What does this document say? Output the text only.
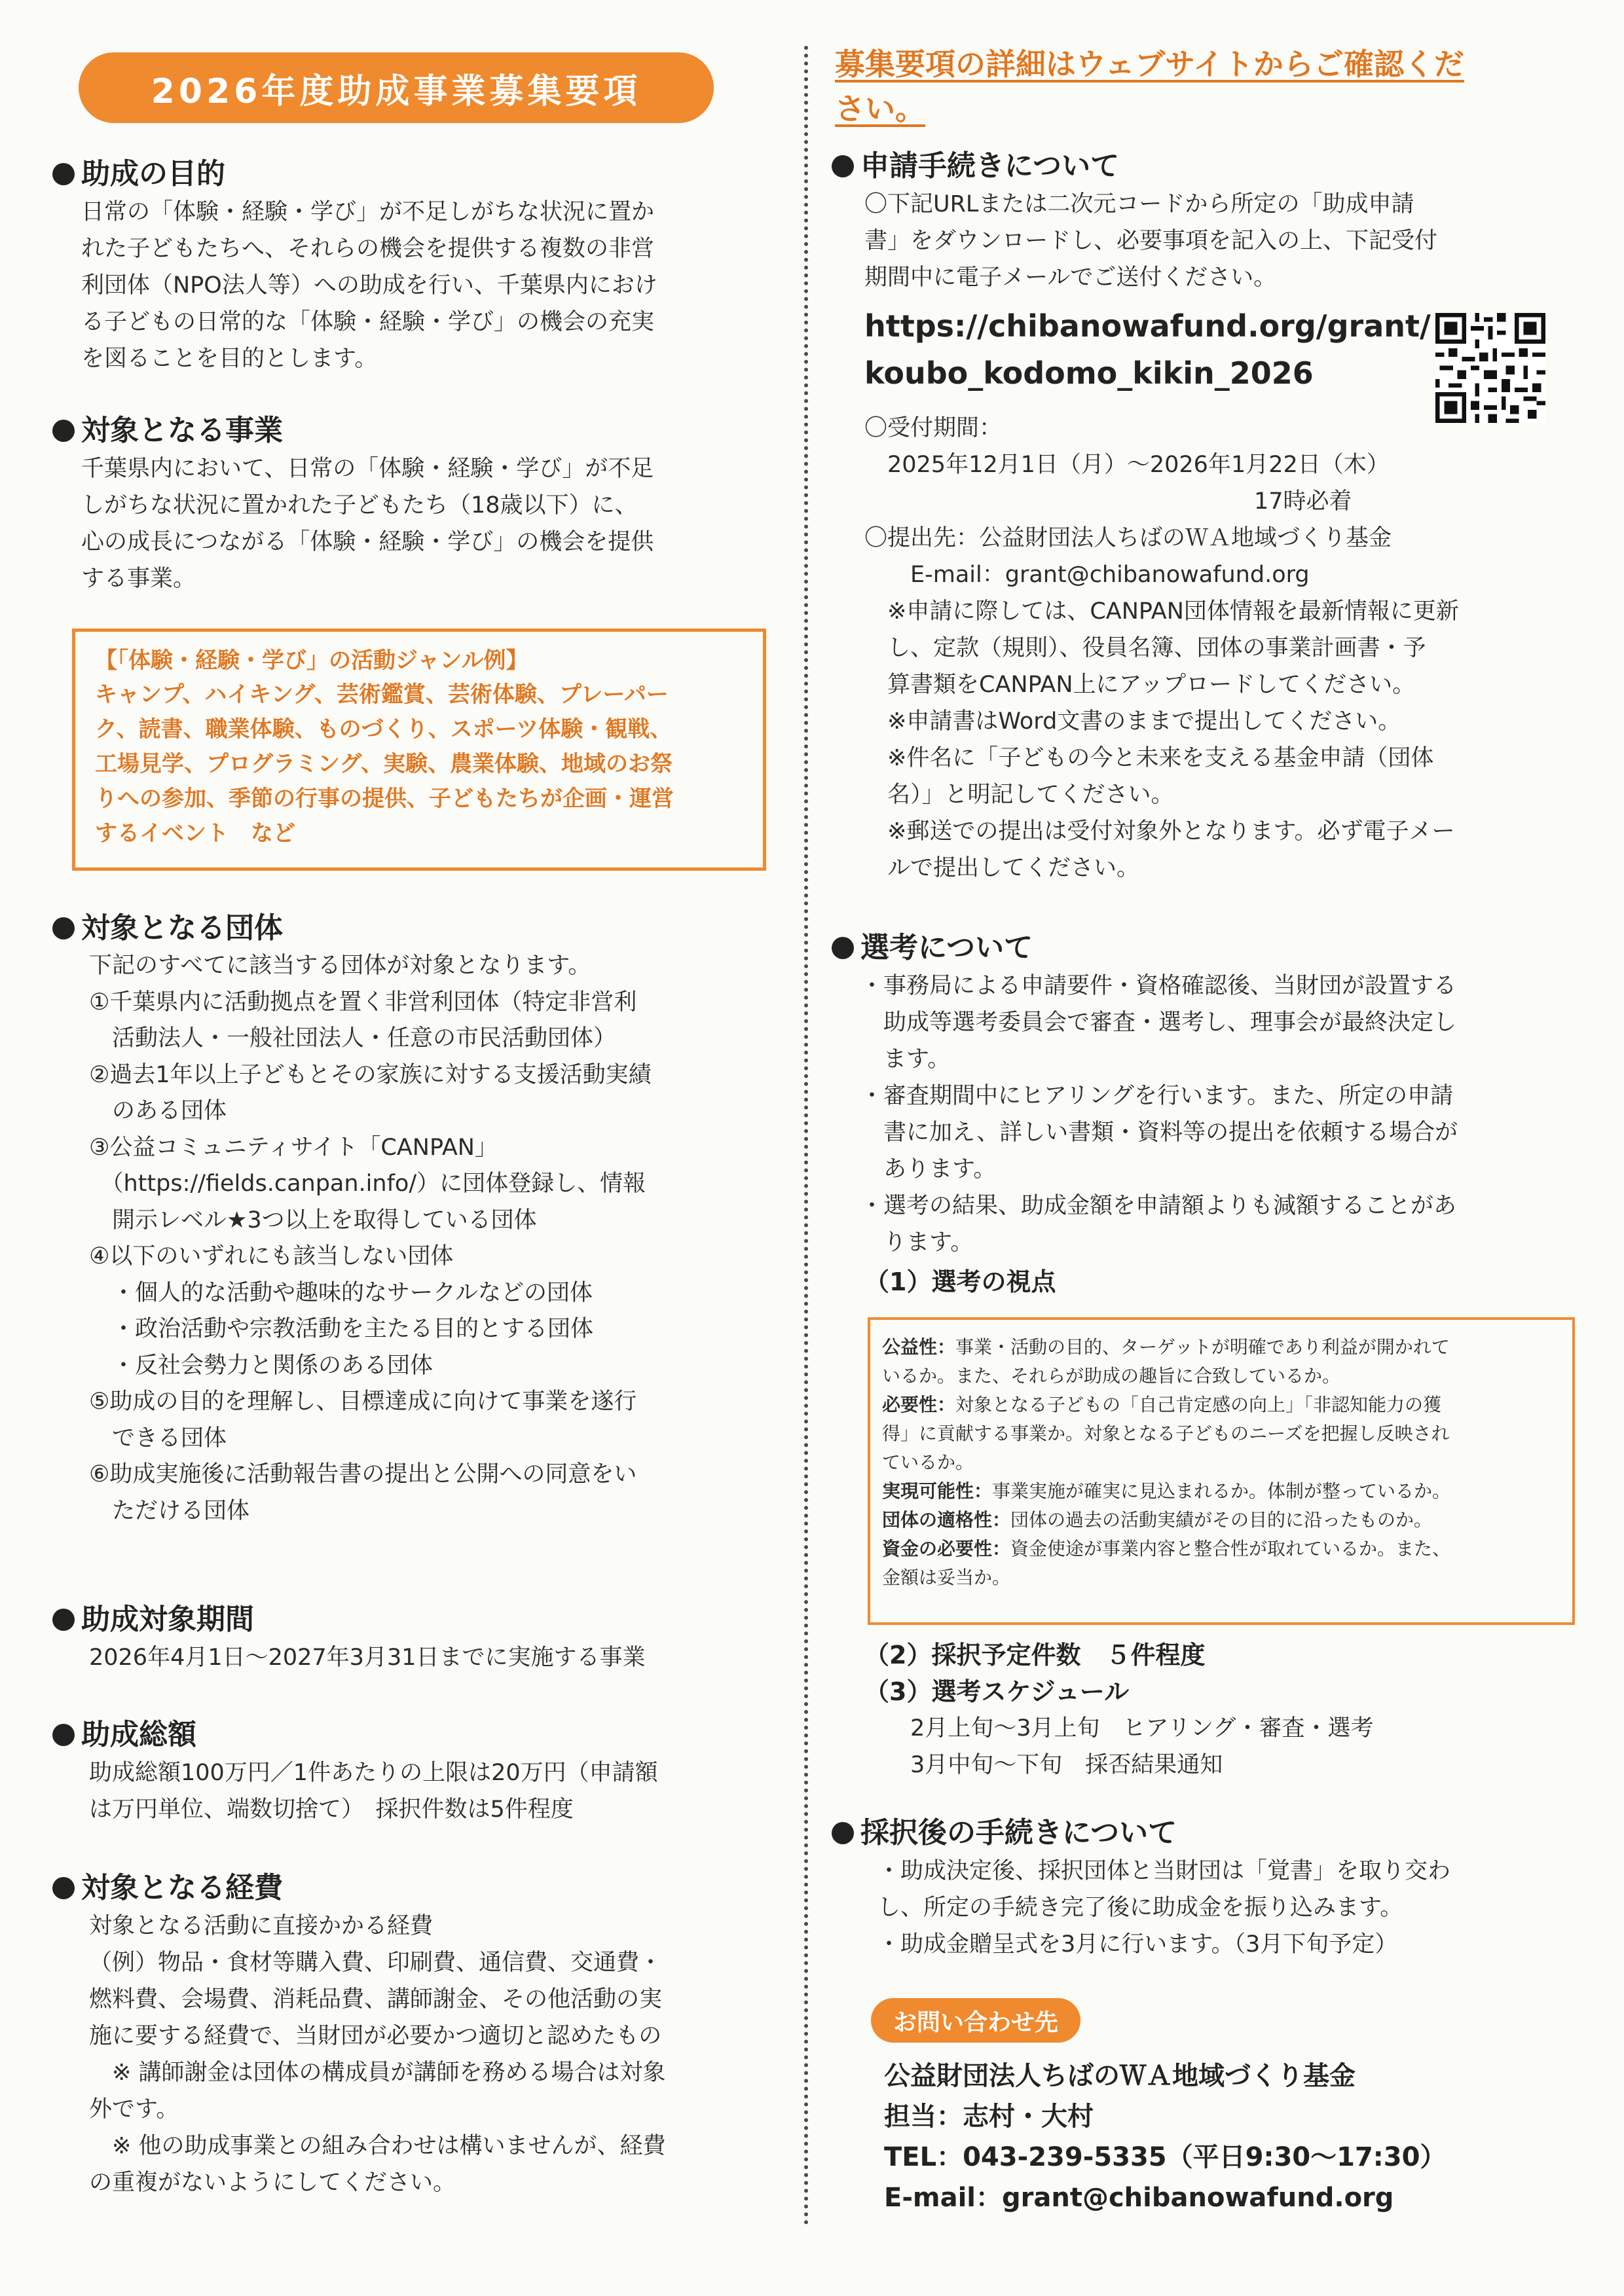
2026年度助成事業募集要項
助成の目的
日常の「体験・経験・学び」が不足しがちな状況に置か
れた子どもたちへ、それらの機会を提供する複数の非営
利団体（NPO法人等）への助成を行い、千葉県内におけ
る子どもの日常的な「体験・経験・学び」の機会の充実
を図ることを目的とします。
対象となる事業
千葉県内において、日常の「体験・経験・学び」が不足
しがちな状況に置かれた子どもたち（18歳以下）に、
心の成長につながる「体験・経験・学び」の機会を提供
する事業。
【「体験・経験・学び」の活動ジャンル例】
キャンプ、ハイキング、芸術鑑賞、芸術体験、プレーパー
ク、読書、職業体験、ものづくり、スポーツ体験・観戦、
工場見学、プログラミング、実験、農業体験、地域のお祭
りへの参加、季節の行事の提供、子どもたちが企画・運営
するイベント　など
対象となる団体
下記のすべてに該当する団体が対象となります。
①千葉県内に活動拠点を置く非営利団体（特定非営利
　活動法人・一般社団法人・任意の市民活動団体）
②過去1年以上子どもとその家族に対する支援活動実績
　のある団体
③公益コミュニティサイト「CANPAN」
　（https://fields.canpan.info/）に団体登録し、情報
　開示レベル★3つ以上を取得している団体
④以下のいずれにも該当しない団体
　・個人的な活動や趣味的なサークルなどの団体
　・政治活動や宗教活動を主たる目的とする団体
　・反社会勢力と関係のある団体
⑤助成の目的を理解し、目標達成に向けて事業を遂行
　できる団体
⑥助成実施後に活動報告書の提出と公開への同意をい
　ただける団体
助成対象期間
2026年4月1日〜2027年3月31日までに実施する事業
助成総額
助成総額100万円／1件あたりの上限は20万円（申請額
は万円単位、端数切捨て）　採択件数は5件程度
対象となる経費
対象となる活動に直接かかる経費
（例）物品・食材等購入費、印刷費、通信費、交通費・
燃料費、会場費、消耗品費、講師謝金、その他活動の実
施に要する経費で、当財団が必要かつ適切と認めたもの
　※ 講師謝金は団体の構成員が講師を務める場合は対象
外です。
　※ 他の助成事業との組み合わせは構いませんが、経費
の重複がないようにしてください。
募集要項の詳細はウェブサイトからご確認くだ
さい。
申請手続きについて
〇下記URLまたは二次元コードから所定の「助成申請
書」をダウンロードし、必要事項を記入の上、下記受付
期間中に電子メールでご送付ください。
https://chibanowafund.org/grant/
koubo_kodomo_kikin_2026
〇受付期間：
　2025年12月1日（月）〜2026年1月22日（木）
　　　　　　　　　　　　　　　　　17時必着
〇提出先：公益財団法人ちばのＷＡ地域づくり基金
　　E-mail：grant@chibanowafund.org
　※申請に際しては、CANPAN団体情報を最新情報に更新
　し、定款（規則）、役員名簿、団体の事業計画書・予
　算書類をCANPAN上にアップロードしてください。
　※申請書はWord文書のままで提出してください。
　※件名に「子どもの今と未来を支える基金申請（団体
　名）」と明記してください。
　※郵送での提出は受付対象外となります。必ず電子メー
　ルで提出してください。
選考について
・事務局による申請要件・資格確認後、当財団が設置する
　助成等選考委員会で審査・選考し、理事会が最終決定し
　ます。
・審査期間中にヒアリングを行います。また、所定の申請
　書に加え、詳しい書類・資料等の提出を依頼する場合が
　あります。
・選考の結果、助成金額を申請額よりも減額することがあ
　ります。
（1）選考の視点
公益性：事業・活動の目的、ターゲットが明確であり利益が開かれて
いるか。また、それらが助成の趣旨に合致しているか。
必要性：対象となる子どもの「自己肯定感の向上」「非認知能力の獲
得」に貢献する事業か。対象となる子どものニーズを把握し反映され
ているか。
実現可能性：事業実施が確実に見込まれるか。体制が整っているか。
団体の適格性：団体の過去の活動実績がその目的に沿ったものか。
資金の必要性：資金使途が事業内容と整合性が取れているか。また、
金額は妥当か。
（2）採択予定件数　５件程度
（3）選考スケジュール
　　2月上旬〜3月上旬　ヒアリング・審査・選考
　　3月中旬〜下旬　採否結果通知
採択後の手続きについて
・助成決定後、採択団体と当財団は「覚書」を取り交わ
し、所定の手続き完了後に助成金を振り込みます。
・助成金贈呈式を3月に行います。（3月下旬予定）
お問い合わせ先
公益財団法人ちばのＷＡ地域づくり基金
担当：志村・大村
TEL：043-239-5335（平日9:30〜17:30）
E-mail：grant@chibanowafund.org
